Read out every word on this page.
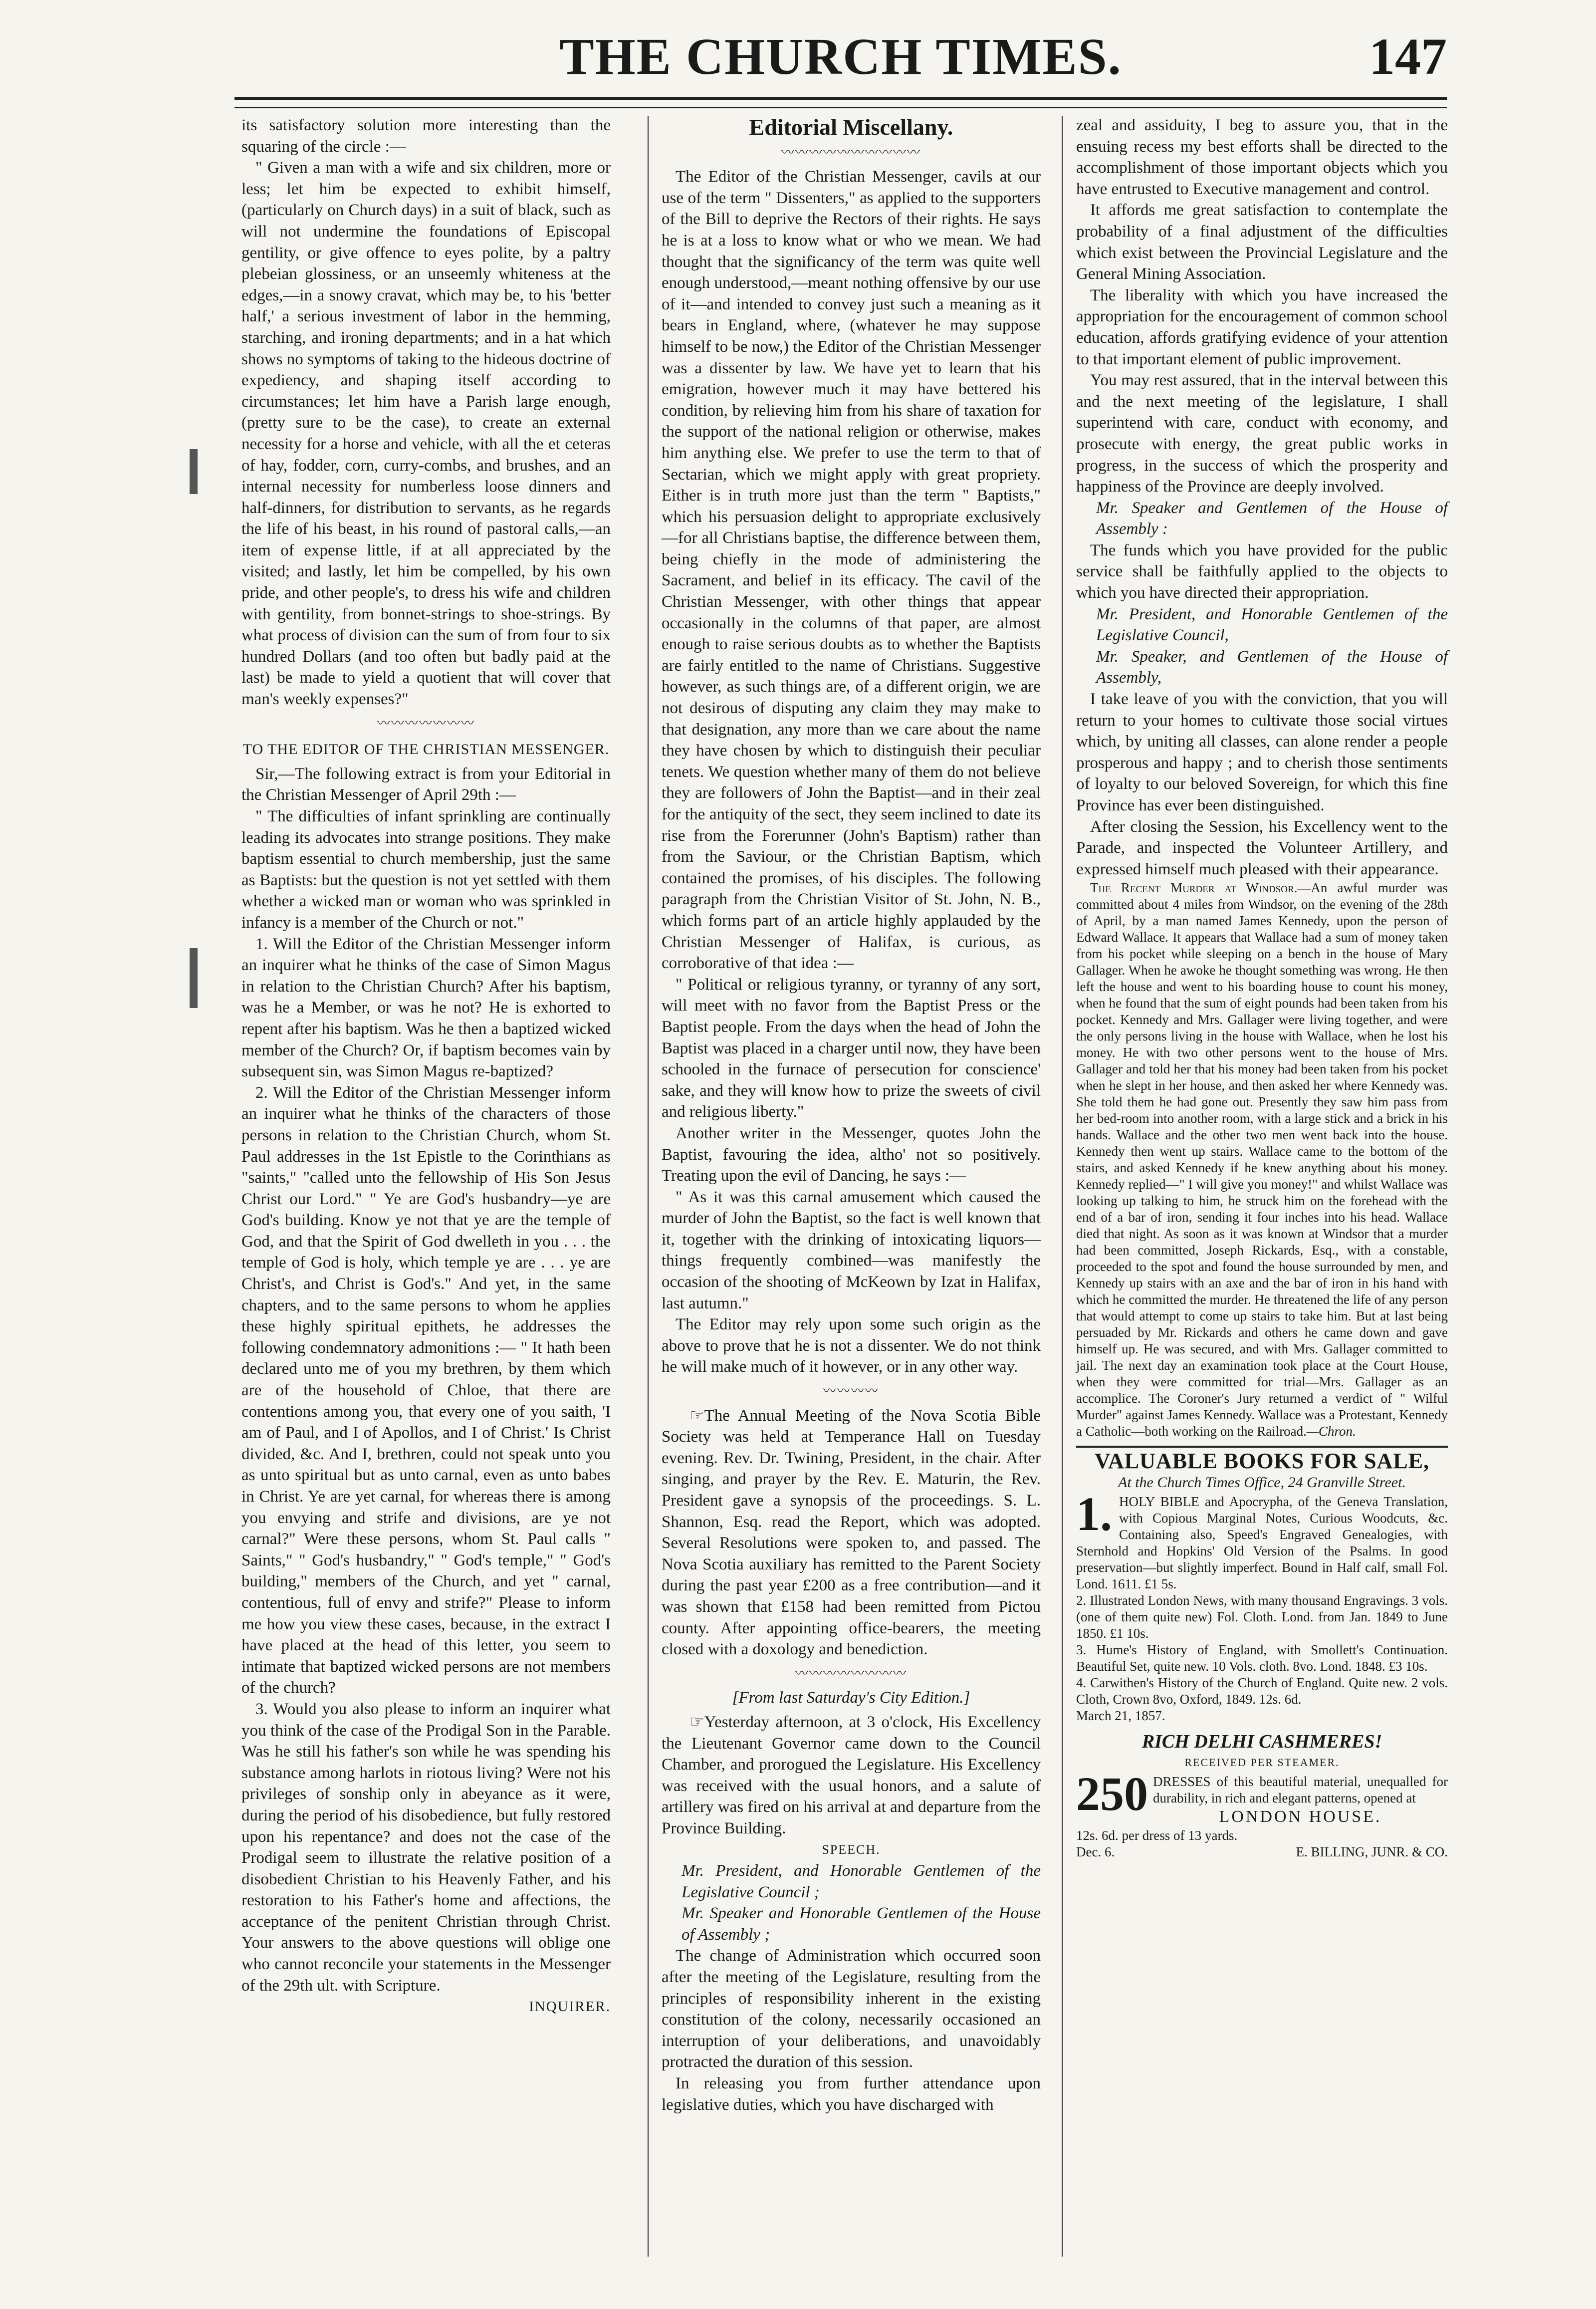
THE CHURCH TIMES.	147

its satisfactory solution more interesting than the squaring of the circle :—

" Given a man with a wife and six children, more or less; let him be expected to exhibit himself, (particularly on Church days) in a suit of black, such as will not undermine the foundations of Episcopal gentility, or give offence to eyes polite, by a paltry plebeian glossiness, or an unseemly whiteness at the edges,—in a snowy cravat, which may be, to his 'better half,' a serious investment of labor in the hemming, starching, and ironing departments; and in a hat which shows no symptoms of taking to the hideous doctrine of expediency, and shaping itself according to circumstances; let him have a Parish large enough, (pretty sure to be the case), to create an external necessity for a horse and vehicle, with all the et ceteras of hay, fodder, corn, curry-combs, and brushes, and an internal necessity for numberless loose dinners and half-dinners, for distribution to servants, as he regards the life of his beast, in his round of pastoral calls,—an item of expense little, if at all appreciated by the visited; and lastly, let him be compelled, by his own pride, and other people's, to dress his wife and children with gentility, from bonnet-strings to shoe-strings. By what process of division can the sum of from four to six hundred Dollars (and too often but badly paid at the last) be made to yield a quotient that will cover that man's weekly expenses?"

〰〰〰〰〰〰〰

TO THE EDITOR OF THE CHRISTIAN MESSENGER.

Sir,—The following extract is from your Editorial in the Christian Messenger of April 29th :—

" The difficulties of infant sprinkling are continually leading its advocates into strange positions. They make baptism essential to church membership, just the same as Baptists: but the question is not yet settled with them whether a wicked man or woman who was sprinkled in infancy is a member of the Church or not."

1. Will the Editor of the Christian Messenger inform an inquirer what he thinks of the case of Simon Magus in relation to the Christian Church? After his baptism, was he a Member, or was he not? He is exhorted to repent after his baptism. Was he then a baptized wicked member of the Church? Or, if baptism becomes vain by subsequent sin, was Simon Magus re-baptized?

2. Will the Editor of the Christian Messenger inform an inquirer what he thinks of the characters of those persons in relation to the Christian Church, whom St. Paul addresses in the 1st Epistle to the Corinthians as "saints," "called unto the fellowship of His Son Jesus Christ our Lord." " Ye are God's husbandry—ye are God's building. Know ye not that ye are the temple of God, and that the Spirit of God dwelleth in you . . . the temple of God is holy, which temple ye are . . . ye are Christ's, and Christ is God's." And yet, in the same chapters, and to the same persons to whom he applies these highly spiritual epithets, he addresses the following condemnatory admonitions :— " It hath been declared unto me of you my brethren, by them which are of the household of Chloe, that there are contentions among you, that every one of you saith, 'I am of Paul, and I of Apollos, and I of Christ.' Is Christ divided, &c. And I, brethren, could not speak unto you as unto spiritual but as unto carnal, even as unto babes in Christ. Ye are yet carnal, for whereas there is among you envying and strife and divisions, are ye not carnal?" Were these persons, whom St. Paul calls " Saints," " God's husbandry," " God's temple," " God's building," members of the Church, and yet " carnal, contentious, full of envy and strife?" Please to inform me how you view these cases, because, in the extract I have placed at the head of this letter, you seem to intimate that baptized wicked persons are not members of the church?

3. Would you also please to inform an inquirer what you think of the case of the Prodigal Son in the Parable. Was he still his father's son while he was spending his substance among harlots in riotous living? Were not his privileges of sonship only in abeyance as it were, during the period of his disobedience, but fully restored upon his repentance? and does not the case of the Prodigal seem to illustrate the relative position of a disobedient Christian to his Heavenly Father, and his restoration to his Father's home and affections, the acceptance of the penitent Christian through Christ. Your answers to the above questions will oblige one who cannot reconcile your statements in the Messenger of the 29th ult. with Scripture.

INQUIRER.

Editorial Miscellany.

〰〰〰〰〰〰〰〰〰〰

The Editor of the Christian Messenger, cavils at our use of the term " Dissenters," as applied to the supporters of the Bill to deprive the Rectors of their rights. He says he is at a loss to know what or who we mean. We had thought that the significancy of the term was quite well enough understood,—meant nothing offensive by our use of it—and intended to convey just such a meaning as it bears in England, where, (whatever he may suppose himself to be now,) the Editor of the Christian Messenger was a dissenter by law. We have yet to learn that his emigration, however much it may have bettered his condition, by relieving him from his share of taxation for the support of the national religion or otherwise, makes him anything else. We prefer to use the term to that of Sectarian, which we might apply with great propriety. Either is in truth more just than the term " Baptists," which his persuasion delight to appropriate exclusively—for all Christians baptise, the difference between them, being chiefly in the mode of administering the Sacrament, and belief in its efficacy. The cavil of the Christian Messenger, with other things that appear occasionally in the columns of that paper, are almost enough to raise serious doubts as to whether the Baptists are fairly entitled to the name of Christians. Suggestive however, as such things are, of a different origin, we are not desirous of disputing any claim they may make to that designation, any more than we care about the name they have chosen by which to distinguish their peculiar tenets. We question whether many of them do not believe they are followers of John the Baptist—and in their zeal for the antiquity of the sect, they seem inclined to date its rise from the Forerunner (John's Baptism) rather than from the Saviour, or the Christian Baptism, which contained the promises, of his disciples. The following paragraph from the Christian Visitor of St. John, N. B., which forms part of an article highly applauded by the Christian Messenger of Halifax, is curious, as corroborative of that idea :—

" Political or religious tyranny, or tyranny of any sort, will meet with no favor from the Baptist Press or the Baptist people. From the days when the head of John the Baptist was placed in a charger until now, they have been schooled in the furnace of persecution for conscience' sake, and they will know how to prize the sweets of civil and religious liberty."

Another writer in the Messenger, quotes John the Baptist, favouring the idea, altho' not so positively. Treating upon the evil of Dancing, he says :—

" As it was this carnal amusement which caused the murder of John the Baptist, so the fact is well known that it, together with the drinking of intoxicating liquors—things frequently combined—was manifestly the occasion of the shooting of McKeown by Izat in Halifax, last autumn."

The Editor may rely upon some such origin as the above to prove that he is not a dissenter. We do not think he will make much of it however, or in any other way.

〰〰〰〰

☞The Annual Meeting of the Nova Scotia Bible Society was held at Temperance Hall on Tuesday evening. Rev. Dr. Twining, President, in the chair. After singing, and prayer by the Rev. E. Maturin, the Rev. President gave a synopsis of the proceedings. S. L. Shannon, Esq. read the Report, which was adopted. Several Resolutions were spoken to, and passed. The Nova Scotia auxiliary has remitted to the Parent Society during the past year £200 as a free contribution—and it was shown that £158 had been remitted from Pictou county. After appointing office-bearers, the meeting closed with a doxology and benediction.

〰〰〰〰〰〰〰〰

[From last Saturday's City Edition.]

☞Yesterday afternoon, at 3 o'clock, His Excellency the Lieutenant Governor came down to the Council Chamber, and prorogued the Legislature. His Excellency was received with the usual honors, and a salute of artillery was fired on his arrival at and departure from the Province Building.

SPEECH.

Mr. President, and Honorable Gentlemen of the Legislative Council ;

Mr. Speaker and Honorable Gentlemen of the House of Assembly ;

The change of Administration which occurred soon after the meeting of the Legislature, resulting from the principles of responsibility inherent in the existing constitution of the colony, necessarily occasioned an interruption of your deliberations, and unavoidably protracted the duration of this session.

In releasing you from further attendance upon legislative duties, which you have discharged with

zeal and assiduity, I beg to assure you, that in the ensuing recess my best efforts shall be directed to the accomplishment of those important objects which you have entrusted to Executive management and control.

It affords me great satisfaction to contemplate the probability of a final adjustment of the difficulties which exist between the Provincial Legislature and the General Mining Association.

The liberality with which you have increased the appropriation for the encouragement of common school education, affords gratifying evidence of your attention to that important element of public improvement.

You may rest assured, that in the interval between this and the next meeting of the legislature, I shall superintend with care, conduct with economy, and prosecute with energy, the great public works in progress, in the success of which the prosperity and happiness of the Province are deeply involved.

Mr. Speaker and Gentlemen of the House of Assembly :

The funds which you have provided for the public service shall be faithfully applied to the objects to which you have directed their appropriation.

Mr. President, and Honorable Gentlemen of the Legislative Council,

Mr. Speaker, and Gentlemen of the House of Assembly,

I take leave of you with the conviction, that you will return to your homes to cultivate those social virtues which, by uniting all classes, can alone render a people prosperous and happy ; and to cherish those sentiments of loyalty to our beloved Sovereign, for which this fine Province has ever been distinguished.

After closing the Session, his Excellency went to the Parade, and inspected the Volunteer Artillery, and expressed himself much pleased with their appearance.

The Recent Murder at Windsor.—An awful murder was committed about 4 miles from Windsor, on the evening of the 28th of April, by a man named James Kennedy, upon the person of Edward Wallace. It appears that Wallace had a sum of money taken from his pocket while sleeping on a bench in the house of Mary Gallager. When he awoke he thought something was wrong. He then left the house and went to his boarding house to count his money, when he found that the sum of eight pounds had been taken from his pocket. Kennedy and Mrs. Gallager were living together, and were the only persons living in the house with Wallace, when he lost his money. He with two other persons went to the house of Mrs. Gallager and told her that his money had been taken from his pocket when he slept in her house, and then asked her where Kennedy was. She told them he had gone out. Presently they saw him pass from her bed-room into another room, with a large stick and a brick in his hands. Wallace and the other two men went back into the house. Kennedy then went up stairs. Wallace came to the bottom of the stairs, and asked Kennedy if he knew anything about his money. Kennedy replied—" I will give you money!" and whilst Wallace was looking up talking to him, he struck him on the forehead with the end of a bar of iron, sending it four inches into his head. Wallace died that night. As soon as it was known at Windsor that a murder had been committed, Joseph Rickards, Esq., with a constable, proceeded to the spot and found the house surrounded by men, and Kennedy up stairs with an axe and the bar of iron in his hand with which he committed the murder. He threatened the life of any person that would attempt to come up stairs to take him. But at last being persuaded by Mr. Rickards and others he came down and gave himself up. He was secured, and with Mrs. Gallager committed to jail. The next day an examination took place at the Court House, when they were committed for trial—Mrs. Gallager as an accomplice. The Coroner's Jury returned a verdict of " Wilful Murder" against James Kennedy. Wallace was a Protestant, Kennedy a Catholic—both working on the Railroad.—Chron.

VALUABLE BOOKS FOR SALE,

At the Church Times Office, 24 Granville Street.

1. HOLY BIBLE and Apocrypha, of the Geneva Translation, with Copious Marginal Notes, Curious Woodcuts, &c. Containing also, Speed's Engraved Genealogies, with Sternhold and Hopkins' Old Version of the Psalms. In good preservation—but slightly imperfect. Bound in Half calf, small Fol. Lond. 1611. £1 5s.

2. Illustrated London News, with many thousand Engravings. 3 vols. (one of them quite new) Fol. Cloth. Lond. from Jan. 1849 to June 1850. £1 10s.

3. Hume's History of England, with Smollett's Continuation. Beautiful Set, quite new. 10 Vols. cloth. 8vo. Lond. 1848. £3 10s.

4. Carwithen's History of the Church of England. Quite new. 2 vols. Cloth, Crown 8vo, Oxford, 1849. 12s. 6d.

March 21, 1857.

RICH DELHI CASHMERES!

RECEIVED PER STEAMER.

250 DRESSES of this beautiful material, unequalled for durability, in rich and elegant patterns, opened at

LONDON HOUSE.

12s. 6d. per dress of 13 yards.

Dec. 6.	E. BILLING, JUNR. & CO.
